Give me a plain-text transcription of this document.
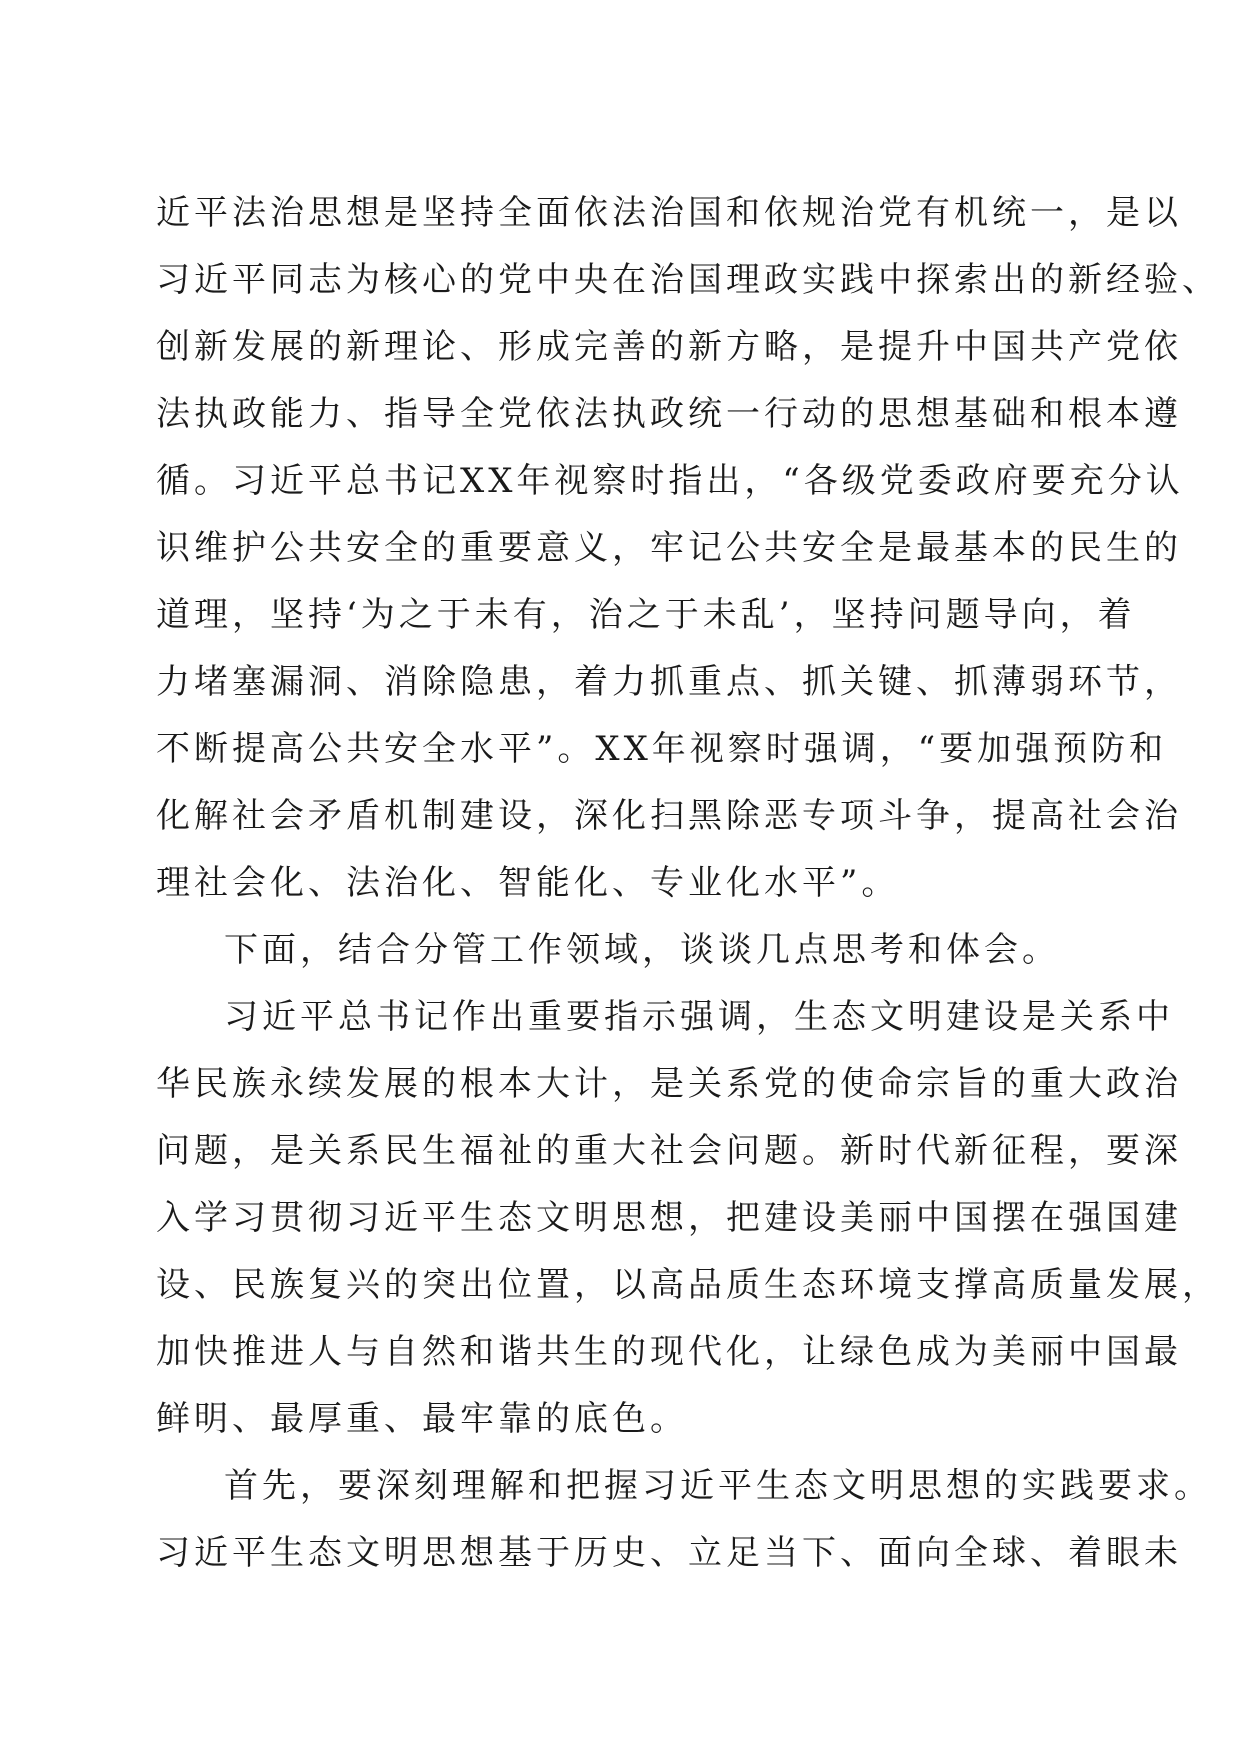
近平法治思想是坚持全面依法治国和依规治党有机统一，是以
习近平同志为核心的党中央在治国理政实践中探索出的新经验、
创新发展的新理论、形成完善的新方略，是提升中国共产党依
法执政能力、指导全党依法执政统一行动的思想基础和根本遵
循。习近平总书记XX年视察时指出，“各级党委政府要充分认
识维护公共安全的重要意义，牢记公共安全是最基本的民生的
道理，坚持‘为之于未有，治之于未乱’，坚持问题导向，着
力堵塞漏洞、消除隐患，着力抓重点、抓关键、抓薄弱环节，
不断提高公共安全水平”。XX年视察时强调，“要加强预防和
化解社会矛盾机制建设，深化扫黑除恶专项斗争，提高社会治
理社会化、法治化、智能化、专业化水平”。
下面，结合分管工作领域，谈谈几点思考和体会。
习近平总书记作出重要指示强调，生态文明建设是关系中
华民族永续发展的根本大计，是关系党的使命宗旨的重大政治
问题，是关系民生福祉的重大社会问题。新时代新征程，要深
入学习贯彻习近平生态文明思想，把建设美丽中国摆在强国建
设、民族复兴的突出位置，以高品质生态环境支撑高质量发展，
加快推进人与自然和谐共生的现代化，让绿色成为美丽中国最
鲜明、最厚重、最牢靠的底色。
首先，要深刻理解和把握习近平生态文明思想的实践要求。
习近平生态文明思想基于历史、立足当下、面向全球、着眼未
